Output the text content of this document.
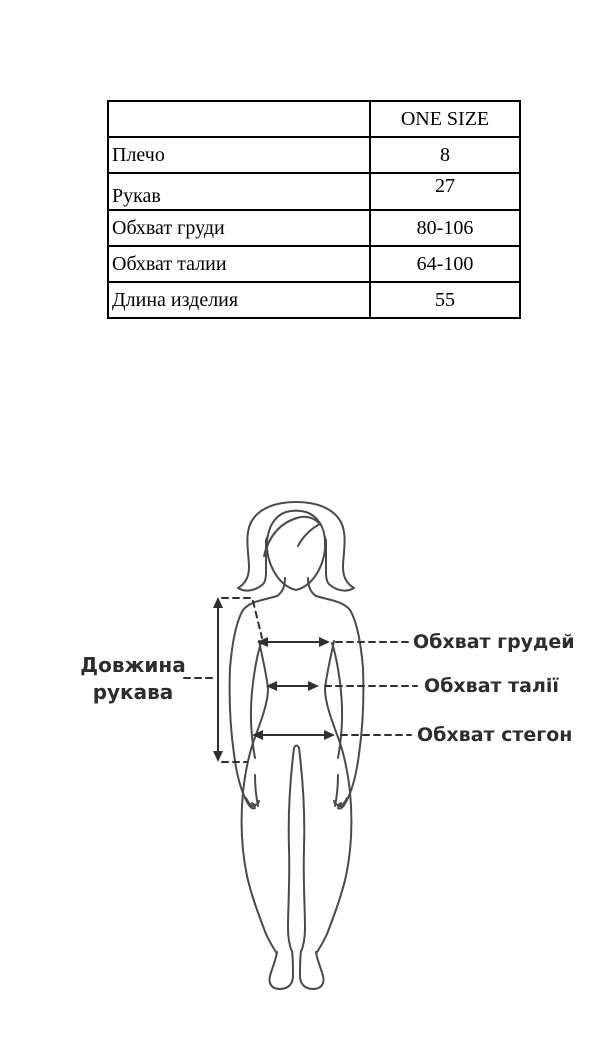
	ONE SIZE
Плечо	8
Рукав	27
Обхват груди	80-106
Обхват талии	64-100
Длина изделия	55
Довжина
рукава
Обхват грудей
Обхват талії
Обхват стегон
